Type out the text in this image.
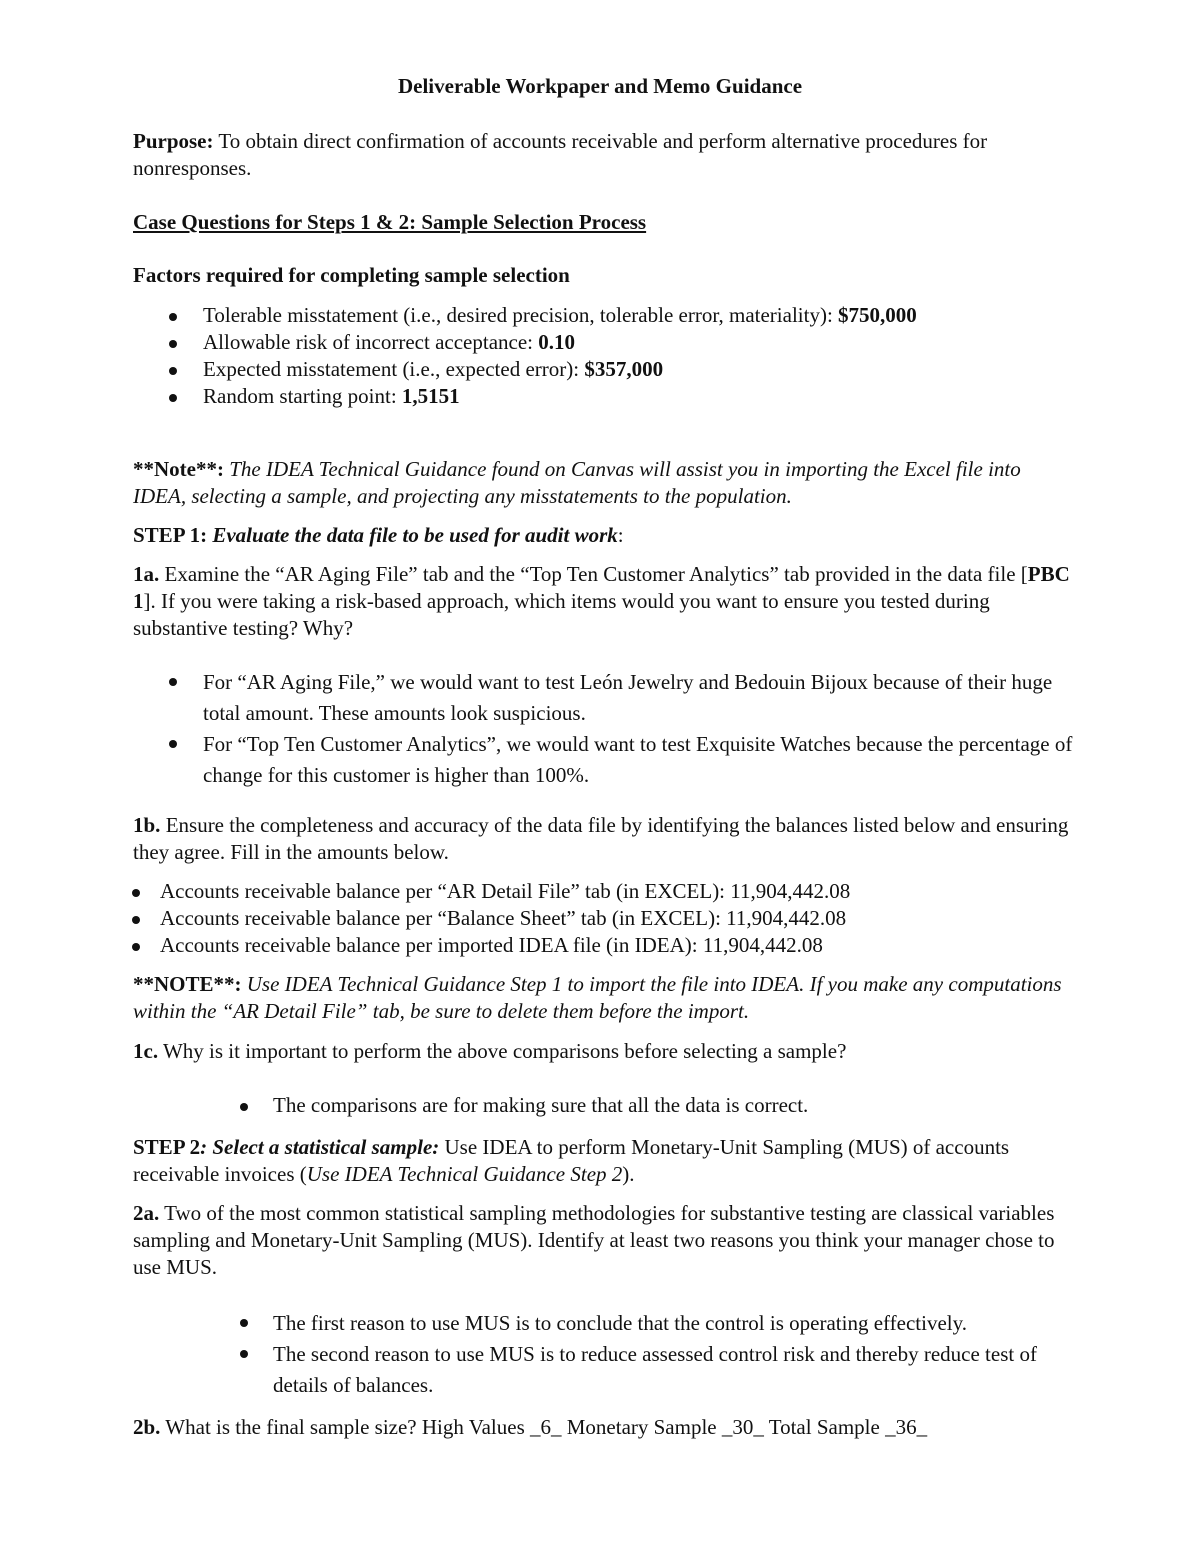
Deliverable Workpaper and Memo Guidance

Purpose: To obtain direct confirmation of accounts receivable and perform alternative procedures for nonresponses.

Case Questions for Steps 1 & 2: Sample Selection Process

Factors required for completing sample selection

Tolerable misstatement (i.e., desired precision, tolerable error, materiality): $750,000
Allowable risk of incorrect acceptance: 0.10
Expected misstatement (i.e., expected error): $357,000
Random starting point: 1,5151

**Note**: The IDEA Technical Guidance found on Canvas will assist you in importing the Excel file into IDEA, selecting a sample, and projecting any misstatements to the population.

STEP 1: Evaluate the data file to be used for audit work:

1a. Examine the “AR Aging File” tab and the “Top Ten Customer Analytics” tab provided in the data file [PBC 1]. If you were taking a risk-based approach, which items would you want to ensure you tested during substantive testing? Why?

For “AR Aging File,” we would want to test León Jewelry and Bedouin Bijoux because of their huge total amount. These amounts look suspicious.
For “Top Ten Customer Analytics”, we would want to test Exquisite Watches because the percentage of change for this customer is higher than 100%.

1b. Ensure the completeness and accuracy of the data file by identifying the balances listed below and ensuring they agree. Fill in the amounts below.

Accounts receivable balance per “AR Detail File” tab (in EXCEL): 11,904,442.08
Accounts receivable balance per “Balance Sheet” tab (in EXCEL): 11,904,442.08
Accounts receivable balance per imported IDEA file (in IDEA): 11,904,442.08

**NOTE**: Use IDEA Technical Guidance Step 1 to import the file into IDEA. If you make any computations within the “AR Detail File” tab, be sure to delete them before the import.

1c. Why is it important to perform the above comparisons before selecting a sample?

The comparisons are for making sure that all the data is correct.

STEP 2: Select a statistical sample: Use IDEA to perform Monetary-Unit Sampling (MUS) of accounts receivable invoices (Use IDEA Technical Guidance Step 2).

2a. Two of the most common statistical sampling methodologies for substantive testing are classical variables sampling and Monetary-Unit Sampling (MUS). Identify at least two reasons you think your manager chose to use MUS.

The first reason to use MUS is to conclude that the control is operating effectively.
The second reason to use MUS is to reduce assessed control risk and thereby reduce test of details of balances.

2b. What is the final sample size? High Values _6_ Monetary Sample _30_ Total Sample _36_
